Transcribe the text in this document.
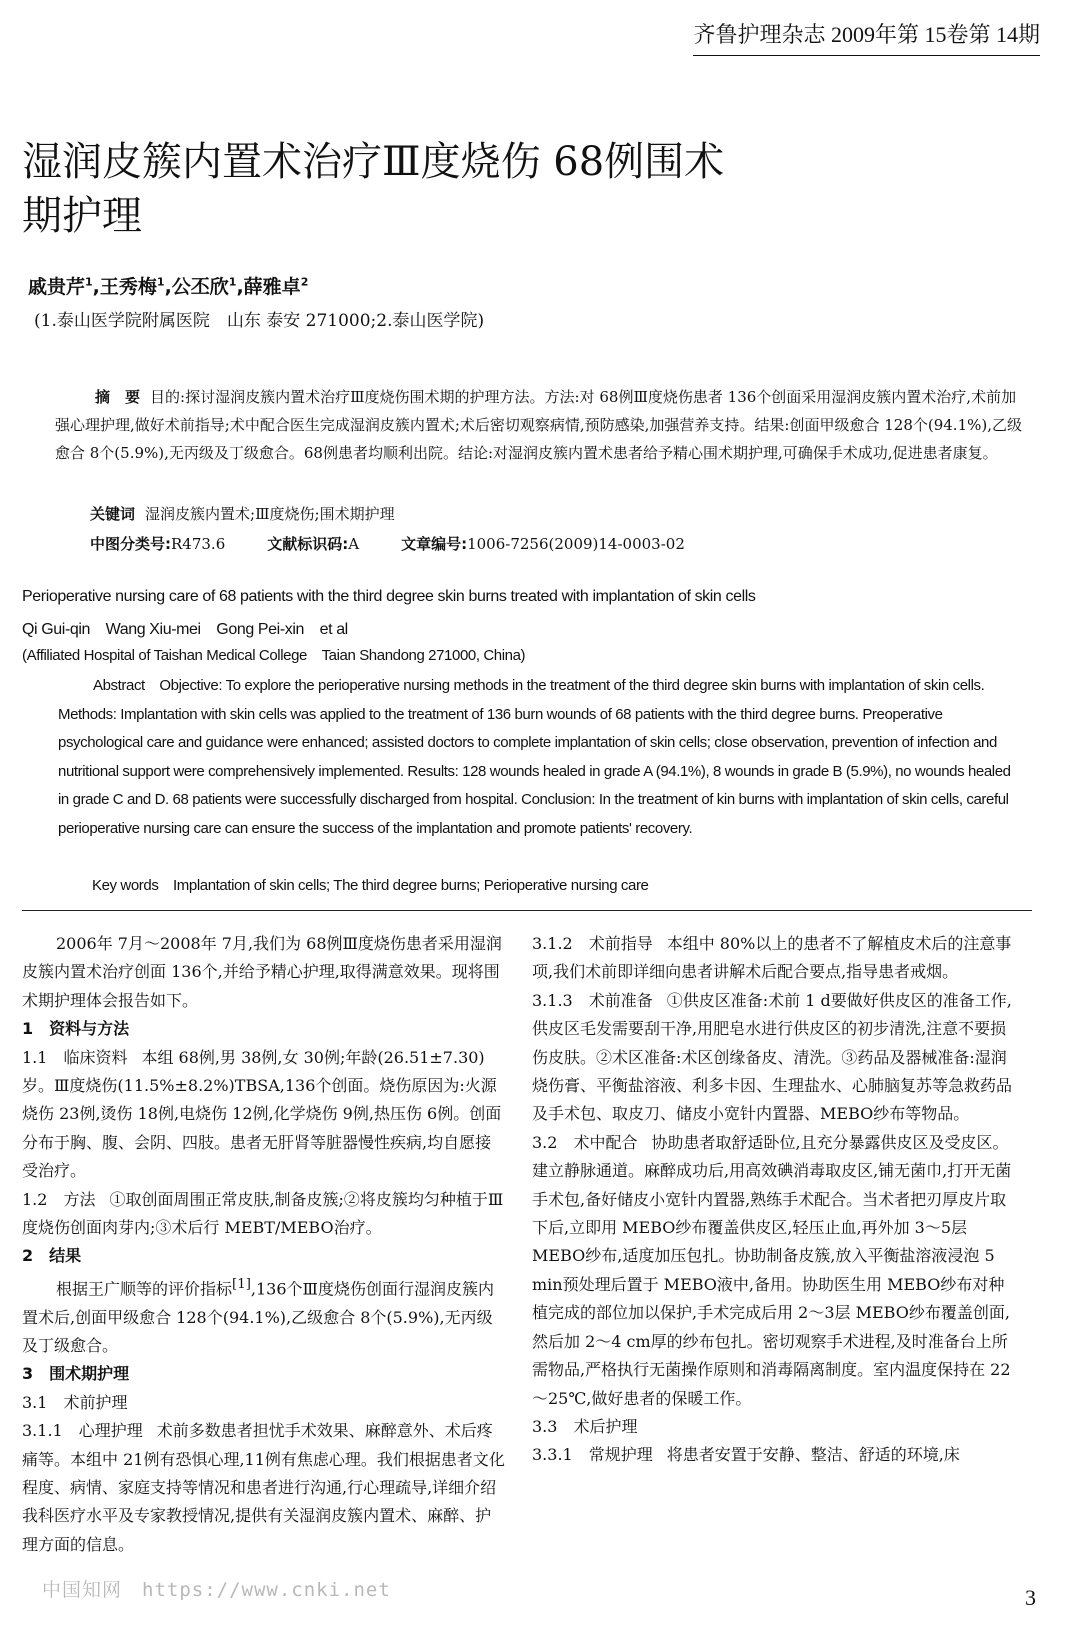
齐鲁护理杂志 2009年第 15卷第 14期
湿润皮簇内置术治疗Ⅲ度烧伤 68例围术期护理
戚贵芹$^1$,王秀梅$^1$,公丕欣$^1$,薛雅卓$^2$
(1.泰山医学院附属医院　山东 泰安 271000;2.泰山医学院)
摘　要 目的:探讨湿润皮簇内置术治疗Ⅲ度烧伤围术期的护理方法。方法:对 68例Ⅲ度烧伤患者 136个创面采用湿润皮簇内置术治疗,术前加强心理护理,做好术前指导;术中配合医生完成湿润皮簇内置术;术后密切观察病情,预防感染,加强营养支持。结果:创面甲级愈合 128个(94.1%),乙级愈合 8个(5.9%),无丙级及丁级愈合。68例患者均顺利出院。结论:对湿润皮簇内置术患者给予精心围术期护理,可确保手术成功,促进患者康复。
关键词 湿润皮簇内置术;Ⅲ度烧伤;围术期护理
中图分类号:R473.6	文献标识码:A	文章编号:1006-7256(2009)14-0003-02
Perioperative nursing care of 68 patients with the third degree skin burns treated with implantation of skin cells
Qi Gui-qin　Wang Xiu-mei　Gong Pei-xin　et al
(Affiliated Hospital of Taishan Medical College　Taian Shandong 271000, China)
Abstract　Objective: To explore the perioperative nursing methods in the treatment of the third degree skin burns with implantation of skin cells. Methods: Implantation with skin cells was applied to the treatment of 136 burn wounds of 68 patients with the third degree burns. Preoperative psychological care and guidance were enhanced; assisted doctors to complete implantation of skin cells; close observation, prevention of infection and nutritional support were comprehensively implemented. Results: 128 wounds healed in grade A (94.1%), 8 wounds in grade B (5.9%), no wounds healed in grade C and D. 68 patients were successfully discharged from hospital. Conclusion: In the treatment of kin burns with implantation of skin cells, careful perioperative nursing care can ensure the success of the implantation and promote patients' recovery.
Key words　Implantation of skin cells; The third degree burns; Perioperative nursing care

2006年 7月～2008年 7月,我们为 68例Ⅲ度烧伤患者采用湿润皮簇内置术治疗创面 136个,并给予精心护理,取得满意效果。现将围术期护理体会报告如下。

1　资料与方法

1.1　临床资料 本组 68例,男 38例,女 30例;年龄(26.51±7.30)岁。Ⅲ度烧伤(11.5%±8.2%)TBSA,136个创面。烧伤原因为:火源烧伤 23例,烫伤 18例,电烧伤 12例,化学烧伤 9例,热压伤 6例。创面分布于胸、腹、会阴、四肢。患者无肝肾等脏器慢性疾病,均自愿接受治疗。

1.2　方法 ①取创面周围正常皮肤,制备皮簇;②将皮簇均匀种植于Ⅲ度烧伤创面肉芽内;③术后行 MEBT/MEBO治疗。

2　结果

根据王广顺等的评价指标[1],136个Ⅲ度烧伤创面行湿润皮簇内置术后,创面甲级愈合 128个(94.1%),乙级愈合 8个(5.9%),无丙级及丁级愈合。

3　围术期护理

3.1　术前护理

3.1.1　心理护理 术前多数患者担忧手术效果、麻醉意外、术后疼痛等。本组中 21例有恐惧心理,11例有焦虑心理。我们根据患者文化程度、病情、家庭支持等情况和患者进行沟通,行心理疏导,详细介绍我科医疗水平及专家教授情况,提供有关湿润皮簇内置术、麻醉、护理方面的信息。

3.1.2　术前指导 本组中 80%以上的患者不了解植皮术后的注意事项,我们术前即详细向患者讲解术后配合要点,指导患者戒烟。

3.1.3　术前准备 ①供皮区准备:术前 1 d要做好供皮区的准备工作,供皮区毛发需要刮干净,用肥皂水进行供皮区的初步清洗,注意不要损伤皮肤。②术区准备:术区创缘备皮、清洗。③药品及器械准备:湿润烧伤膏、平衡盐溶液、利多卡因、生理盐水、心肺脑复苏等急救药品及手术包、取皮刀、储皮小宽针内置器、MEBO纱布等物品。

3.2　术中配合 协助患者取舒适卧位,且充分暴露供皮区及受皮区。建立静脉通道。麻醉成功后,用高效碘消毒取皮区,铺无菌巾,打开无菌手术包,备好储皮小宽针内置器,熟练手术配合。当术者把刃厚皮片取下后,立即用 MEBO纱布覆盖供皮区,轻压止血,再外加 3～5层 MEBO纱布,适度加压包扎。协助制备皮簇,放入平衡盐溶液浸泡 5 min预处理后置于 MEBO液中,备用。协助医生用 MEBO纱布对种植完成的部位加以保护,手术完成后用 2～3层 MEBO纱布覆盖创面,然后加 2～4 cm厚的纱布包扎。密切观察手术进程,及时准备台上所需物品,严格执行无菌操作原则和消毒隔离制度。室内温度保持在 22～25℃,做好患者的保暖工作。

3.3　术后护理

3.3.1　常规护理 将患者安置于安静、整洁、舒适的环境,床

中国知网　https://www.cnki.net	3
